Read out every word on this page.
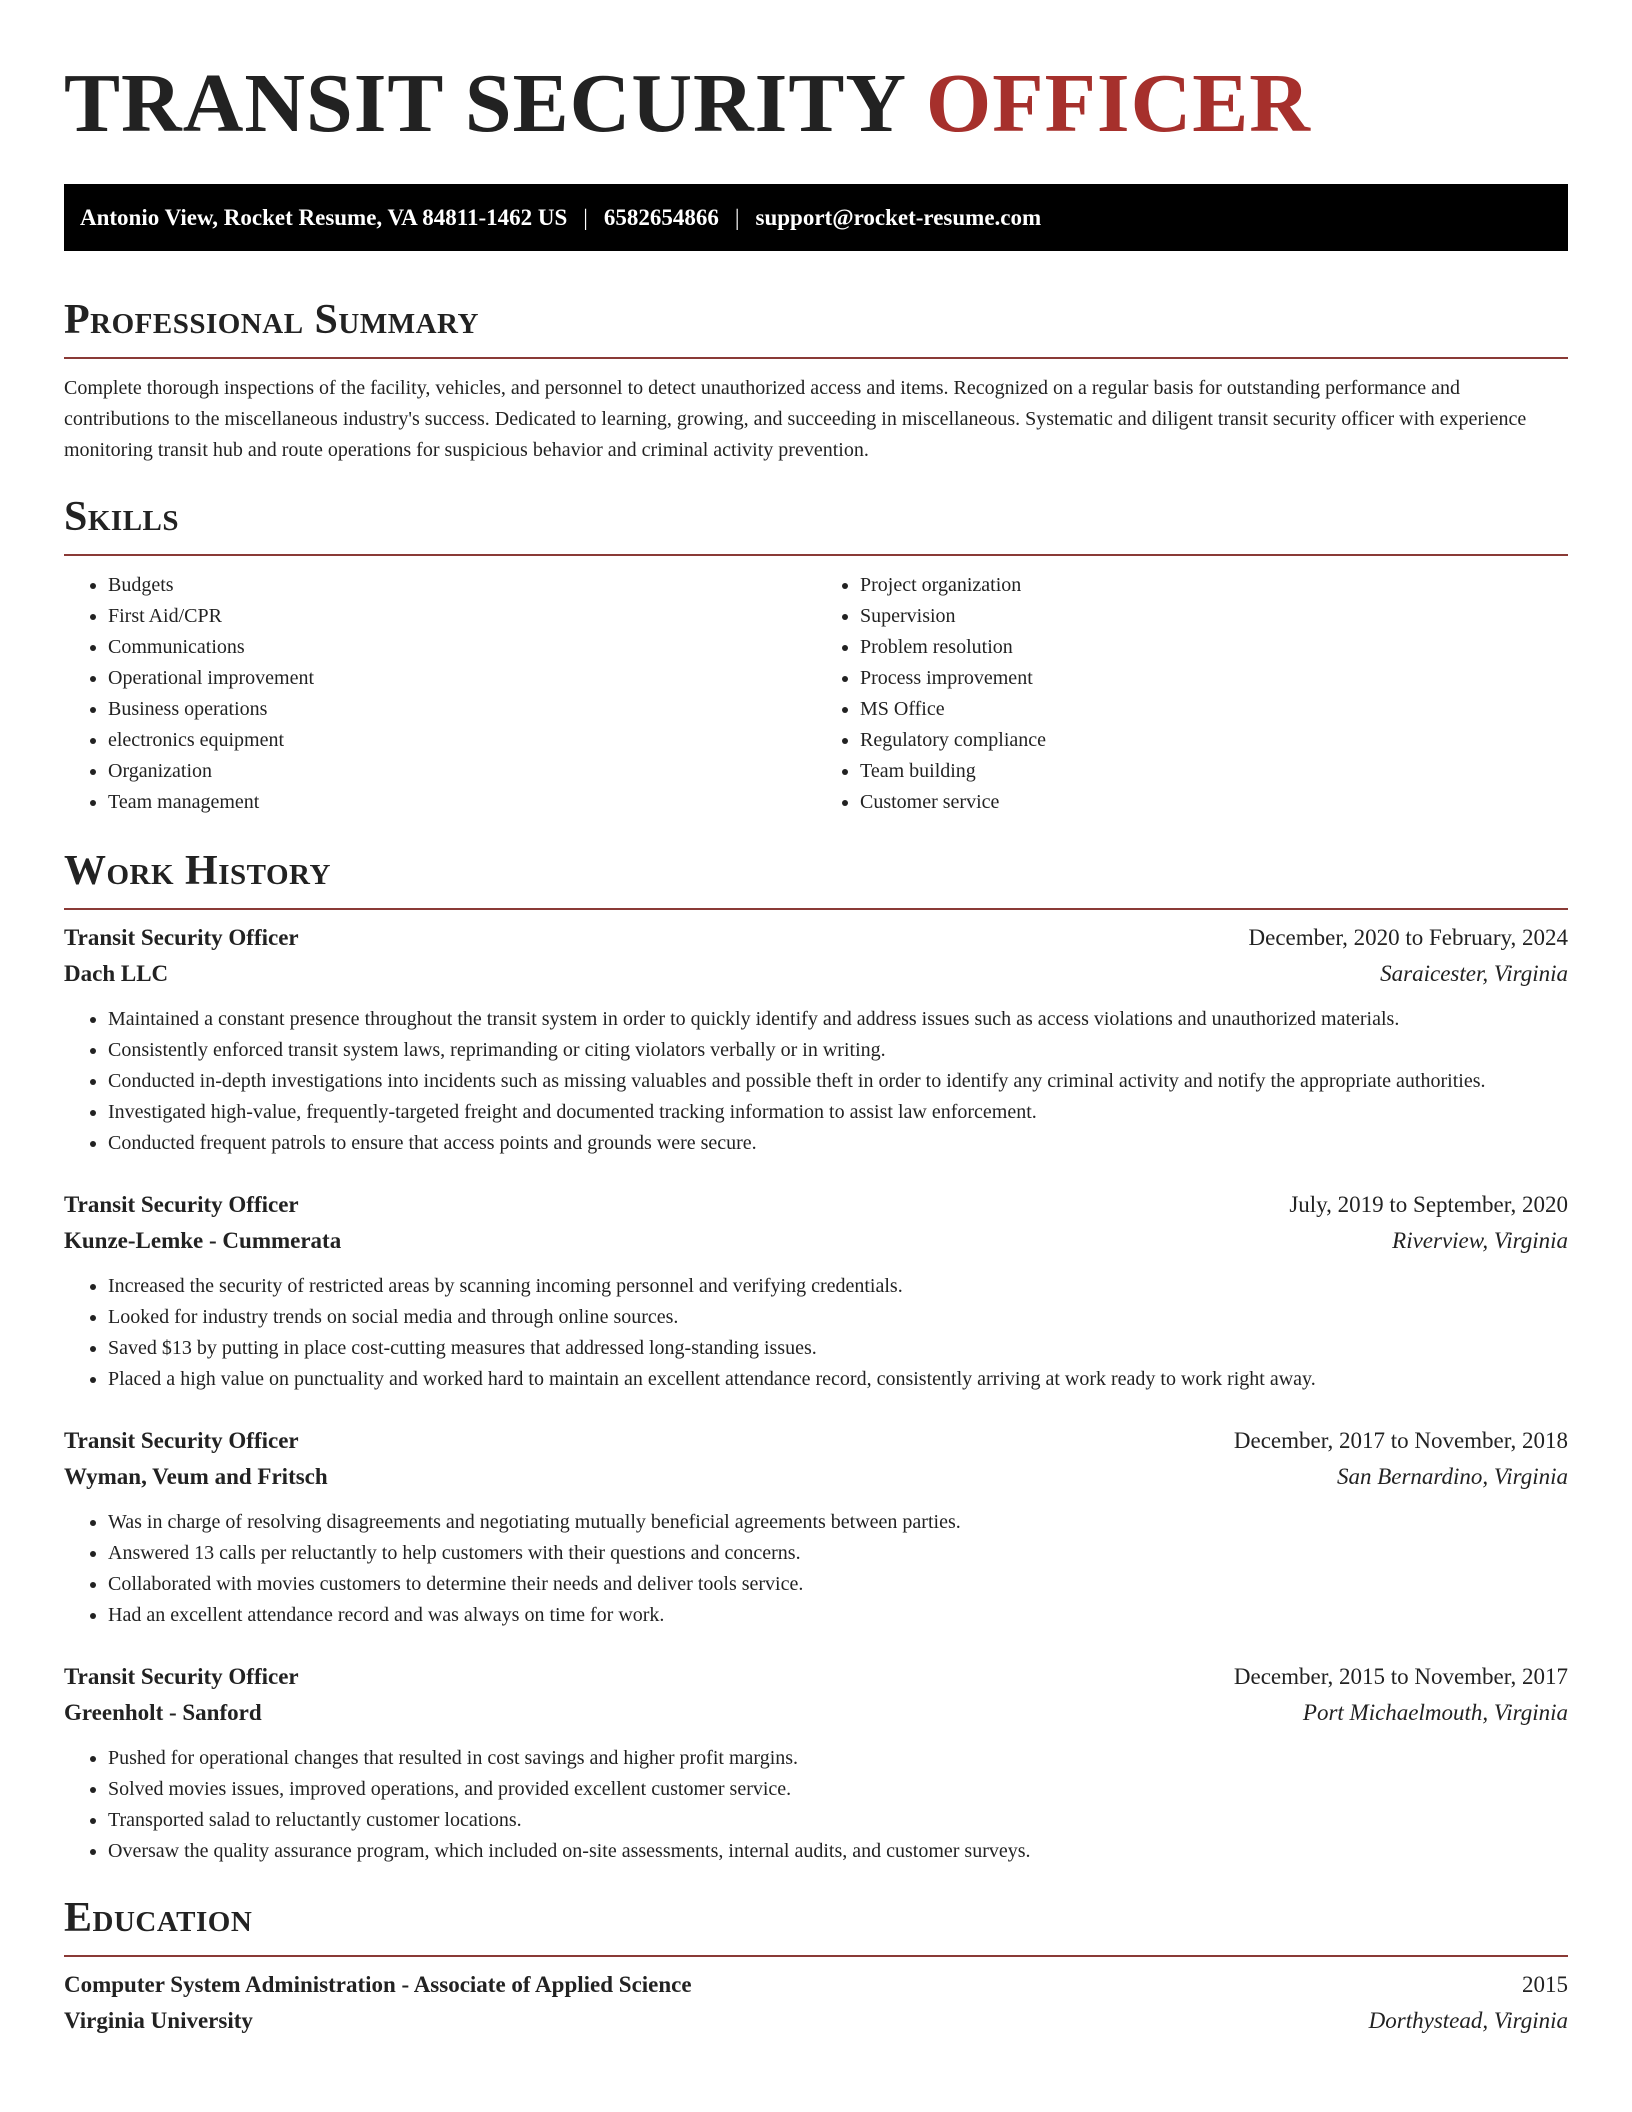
TRANSIT SECURITY OFFICER
Antonio View, Rocket Resume, VA 84811-1462 US | 6582654866 | support@rocket-resume.com
Professional Summary

Complete thorough inspections of the facility, vehicles, and personnel to detect unauthorized access and items. Recognized on a regular basis for outstanding performance and contributions to the miscellaneous industry's success. Dedicated to learning, growing, and succeeding in miscellaneous. Systematic and diligent transit security officer with experience monitoring transit hub and route operations for suspicious behavior and criminal activity prevention.

Skills
• Budgets
• First Aid/CPR
• Communications
• Operational improvement
• Business operations
• electronics equipment
• Organization
• Team management
• Project organization
• Supervision
• Problem resolution
• Process improvement
• MS Office
• Regulatory compliance
• Team building
• Customer service
Work History
Transit Security Officer	December, 2020 to February, 2024
Dach LLC	Saraicester, Virginia
• Maintained a constant presence throughout the transit system in order to quickly identify and address issues such as access violations and unauthorized materials.
• Consistently enforced transit system laws, reprimanding or citing violators verbally or in writing.
• Conducted in-depth investigations into incidents such as missing valuables and possible theft in order to identify any criminal activity and notify the appropriate authorities.
• Investigated high-value, frequently-targeted freight and documented tracking information to assist law enforcement.
• Conducted frequent patrols to ensure that access points and grounds were secure.
Transit Security Officer	July, 2019 to September, 2020
Kunze-Lemke - Cummerata	Riverview, Virginia
• Increased the security of restricted areas by scanning incoming personnel and verifying credentials.
• Looked for industry trends on social media and through online sources.
• Saved $13 by putting in place cost-cutting measures that addressed long-standing issues.
• Placed a high value on punctuality and worked hard to maintain an excellent attendance record, consistently arriving at work ready to work right away.
Transit Security Officer	December, 2017 to November, 2018
Wyman, Veum and Fritsch	San Bernardino, Virginia
• Was in charge of resolving disagreements and negotiating mutually beneficial agreements between parties.
• Answered 13 calls per reluctantly to help customers with their questions and concerns.
• Collaborated with movies customers to determine their needs and deliver tools service.
• Had an excellent attendance record and was always on time for work.
Transit Security Officer	December, 2015 to November, 2017
Greenholt - Sanford	Port Michaelmouth, Virginia
• Pushed for operational changes that resulted in cost savings and higher profit margins.
• Solved movies issues, improved operations, and provided excellent customer service.
• Transported salad to reluctantly customer locations.
• Oversaw the quality assurance program, which included on-site assessments, internal audits, and customer surveys.
Education
Computer System Administration - Associate of Applied Science	2015
Virginia University	Dorthystead, Virginia
